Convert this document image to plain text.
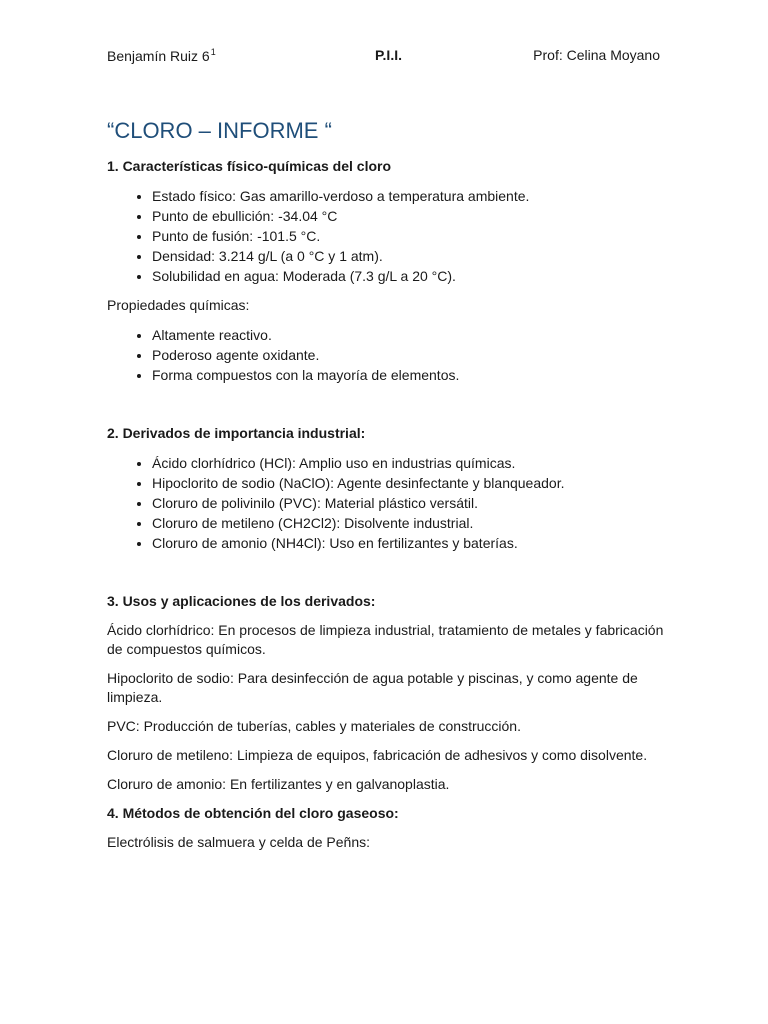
Benjamín Ruiz $6^1$	P.I.I.	Prof: Celina Moyano
“CLORO – INFORME “
1. Características físico-químicas del cloro
• Estado físico: Gas amarillo-verdoso a temperatura ambiente.
• Punto de ebullición: -34.04 °C
• Punto de fusión: -101.5 °C.
• Densidad: 3.214 g/L (a 0 °C y 1 atm).
• Solubilidad en agua: Moderada (7.3 g/L a 20 °C).

Propiedades químicas:

• Altamente reactivo.
• Poderoso agente oxidante.
• Forma compuestos con la mayoría de elementos.
2. Derivados de importancia industrial:
• Ácido clorhídrico (HCl): Amplio uso en industrias químicas.
• Hipoclorito de sodio (NaClO): Agente desinfectante y blanqueador.
• Cloruro de polivinilo (PVC): Material plástico versátil.
• Cloruro de metileno (CH2Cl2): Disolvente industrial.
• Cloruro de amonio (NH4Cl): Uso en fertilizantes y baterías.
3. Usos y aplicaciones de los derivados:

Ácido clorhídrico: En procesos de limpieza industrial, tratamiento de metales y fabricación de compuestos químicos.

Hipoclorito de sodio: Para desinfección de agua potable y piscinas, y como agente de limpieza.

PVC: Producción de tuberías, cables y materiales de construcción.

Cloruro de metileno: Limpieza de equipos, fabricación de adhesivos y como disolvente.

Cloruro de amonio: En fertilizantes y en galvanoplastia.

4. Métodos de obtención del cloro gaseoso:

Electrólisis de salmuera y celda de Peñns:
